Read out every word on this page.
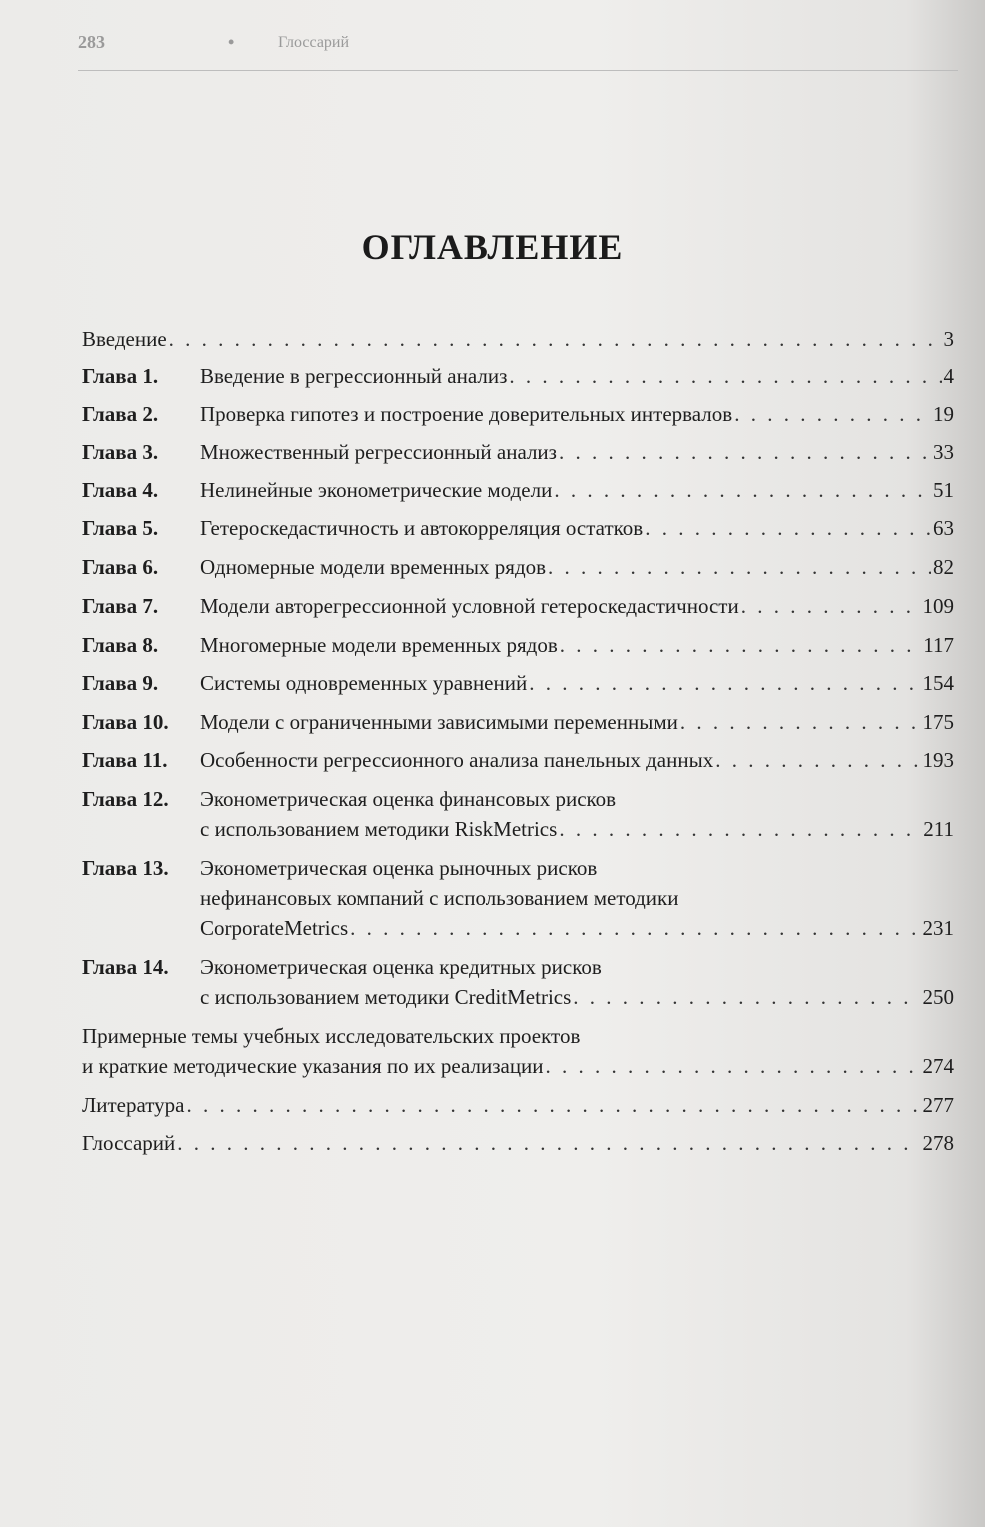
283	•	Глоссарий
ОГЛАВЛЕНИЕ
Введение . . .	3
Глава 1.	Введение в регрессионный анализ . . .	4
Глава 2.	Проверка гипотез и построение доверительных интервалов . . .	19
Глава 3.	Множественный регрессионный анализ . . .	33
Глава 4.	Нелинейные эконометрические модели . . .	51
Глава 5.	Гетероскедастичность и автокорреляция остатков . . .	63
Глава 6.	Одномерные модели временных рядов . . .	82
Глава 7.	Модели авторегрессионной условной гетероскедастичности . . .	109
Глава 8.	Многомерные модели временных рядов . . .	117
Глава 9.	Системы одновременных уравнений . . .	154
Глава 10.	Модели с ограниченными зависимыми переменными . . .	175
Глава 11.	Особенности регрессионного анализа панельных данных . . .	193
Глава 12.	Эконометрическая оценка финансовых рисков
с использованием методики RiskMetrics . . .	211
Глава 13.	Эконометрическая оценка рыночных рисков
нефинансовых компаний с использованием методики
CorporateMetrics . . .	231
Глава 14.	Эконометрическая оценка кредитных рисков
с использованием методики CreditMetrics . . .	250
Примерные темы учебных исследовательских проектов
и краткие методические указания по их реализации . . .	274
Литература . . .	277
Глоссарий . . .	278
